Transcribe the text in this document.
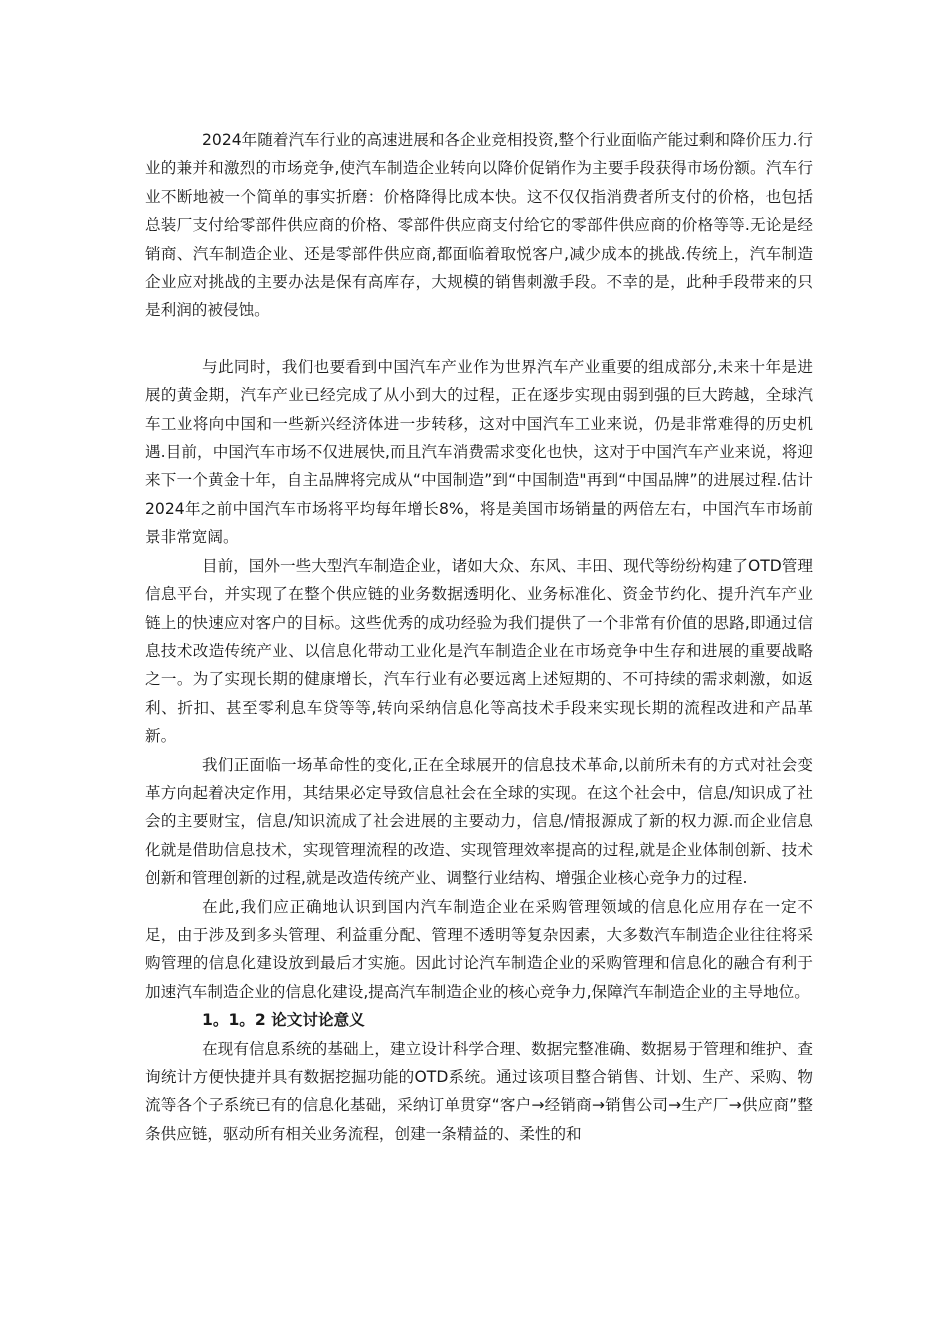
2024年随着汽车行业的高速进展和各企业竞相投资,整个行业面临产能过剩和降价压力.行业的兼并和激烈的市场竞争,使汽车制造企业转向以降价促销作为主要手段获得市场份额。汽车行业不断地被一个简单的事实折磨：价格降得比成本快。这不仅仅指消费者所支付的价格，也包括总装厂支付给零部件供应商的价格、零部件供应商支付给它的零部件供应商的价格等等.无论是经销商、汽车制造企业、还是零部件供应商,都面临着取悦客户,减少成本的挑战.传统上，汽车制造企业应对挑战的主要办法是保有高库存，大规模的销售刺激手段。不幸的是，此种手段带来的只是利润的被侵蚀。

与此同时，我们也要看到中国汽车产业作为世界汽车产业重要的组成部分,未来十年是进展的黄金期，汽车产业已经完成了从小到大的过程，正在逐步实现由弱到强的巨大跨越，全球汽车工业将向中国和一些新兴经济体进一步转移，这对中国汽车工业来说，仍是非常难得的历史机遇.目前，中国汽车市场不仅进展快,而且汽车消费需求变化也快，这对于中国汽车产业来说，将迎来下一个黄金十年，自主品牌将完成从“中国制造”到“中国制造"再到“中国品牌”的进展过程.估计2024年之前中国汽车市场将平均每年增长8%，将是美国市场销量的两倍左右，中国汽车市场前景非常宽阔。

目前，国外一些大型汽车制造企业，诸如大众、东风、丰田、现代等纷纷构建了OTD管理信息平台，并实现了在整个供应链的业务数据透明化、业务标准化、资金节约化、提升汽车产业链上的快速应对客户的目标。这些优秀的成功经验为我们提供了一个非常有价值的思路,即通过信息技术改造传统产业、以信息化带动工业化是汽车制造企业在市场竞争中生存和进展的重要战略之一。为了实现长期的健康增长，汽车行业有必要远离上述短期的、不可持续的需求刺激，如返利、折扣、甚至零利息车贷等等,转向采纳信息化等高技术手段来实现长期的流程改进和产品革新。

我们正面临一场革命性的变化,正在全球展开的信息技术革命,以前所未有的方式对社会变革方向起着决定作用，其结果必定导致信息社会在全球的实现。在这个社会中，信息/知识成了社会的主要财宝，信息/知识流成了社会进展的主要动力，信息/情报源成了新的权力源.而企业信息化就是借助信息技术，实现管理流程的改造、实现管理效率提高的过程,就是企业体制创新、技术创新和管理创新的过程,就是改造传统产业、调整行业结构、增强企业核心竞争力的过程.

在此,我们应正确地认识到国内汽车制造企业在采购管理领域的信息化应用存在一定不足，由于涉及到多头管理、利益重分配、管理不透明等复杂因素，大多数汽车制造企业往往将采购管理的信息化建设放到最后才实施。因此讨论汽车制造企业的采购管理和信息化的融合有利于加速汽车制造企业的信息化建设,提高汽车制造企业的核心竞争力,保障汽车制造企业的主导地位。

1。1。2 论文讨论意义

在现有信息系统的基础上，建立设计科学合理、数据完整准确、数据易于管理和维护、查询统计方便快捷并具有数据挖掘功能的OTD系统。通过该项目整合销售、计划、生产、采购、物流等各个子系统已有的信息化基础，采纳订单贯穿“客户→经销商→销售公司→生产厂→供应商”整条供应链，驱动所有相关业务流程，创建一条精益的、柔性的和
